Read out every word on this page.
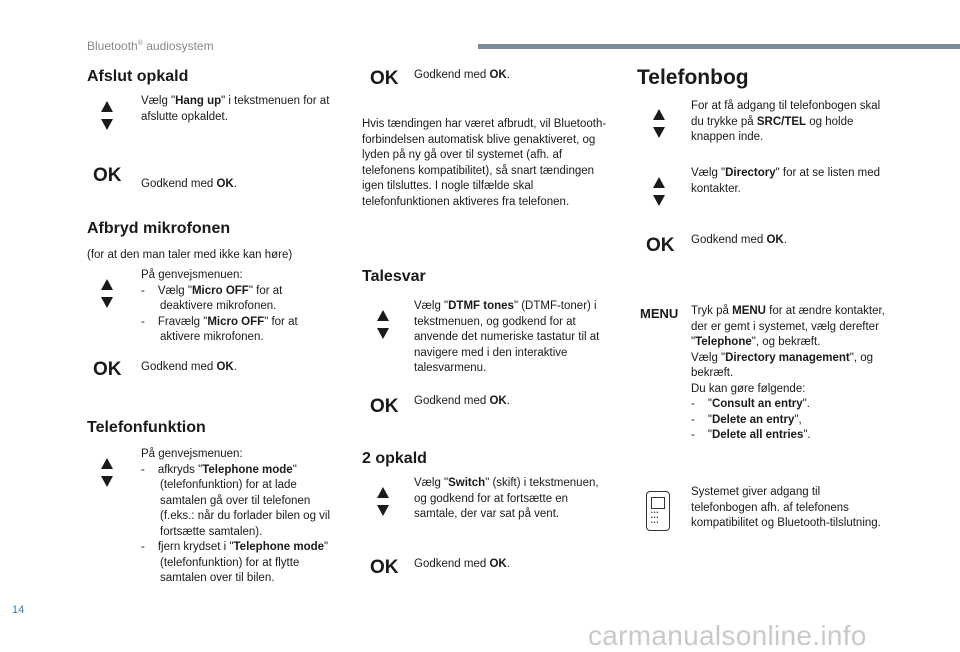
Bluetooth® audiosystem
Afslut opkald
Vælg "Hang up" i tekstmenuen for at afslutte opkaldet.
OK Godkend med OK.
Afbryd mikrofonen
(for at den man taler med ikke kan høre)
På genvejsmenuen:
- Vælg "Micro OFF" for at deaktivere mikrofonen.
- Fravælg "Micro OFF" for at aktivere mikrofonen.
OK Godkend med OK.
Telefonfunktion
På genvejsmenuen:
- afkryds "Telephone mode" (telefonfunktion) for at lade samtalen gå over til telefonen (f.eks.: når du forlader bilen og vil fortsætte samtalen).
- fjern krydset i "Telephone mode" (telefonfunktion) for at flytte samtalen over til bilen.
OK Godkend med OK.
Hvis tændingen har været afbrudt, vil Bluetooth-forbindelsen automatisk blive genaktiveret, og lyden på ny gå over til systemet (afh. af telefonens kompatibilitet), så snart tændingen igen tilsluttes. I nogle tilfælde skal telefonfunktionen aktiveres fra telefonen.
Talesvar
Vælg "DTMF tones" (DTMF-toner) i tekstmenuen, og godkend for at anvende det numeriske tastatur til at navigere med i den interaktive talesvarmenu.
OK Godkend med OK.
2 opkald
Vælg "Switch" (skift) i tekstmenuen, og godkend for at fortsætte en samtale, der var sat på vent.
OK Godkend med OK.
Telefonbog
For at få adgang til telefonbogen skal du trykke på SRC/TEL og holde knappen inde.
Vælg "Directory" for at se listen med kontakter.
OK Godkend med OK.
MENU Tryk på MENU for at ændre kontakter, der er gemt i systemet, vælg derefter "Telephone", og bekræft.
Vælg "Directory management", og bekræft.
Du kan gøre følgende:
- "Consult an entry".
- "Delete an entry",
- "Delete all entries".
••• ••• •••
Systemet giver adgang til telefonbogen afh. af telefonens kompatibilitet og Bluetooth-tilslutning.
14
carmanualsonline.info
